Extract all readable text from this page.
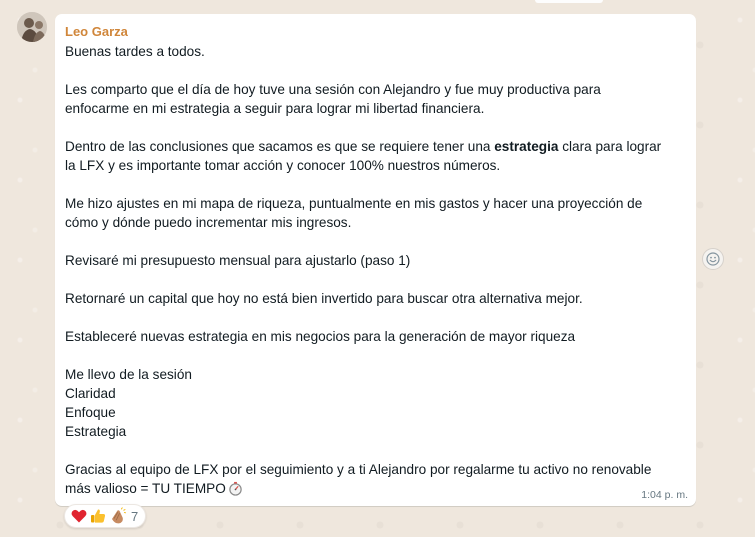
Leo Garza

Buenas tardes a todos.

Les comparto que el día de hoy tuve una sesión con Alejandro y fue muy productiva para
enfocarme en mi estrategia a seguir para lograr mi libertad financiera.

Dentro de las conclusiones que sacamos es que se requiere tener una estrategia clara para lograr
la LFX y es importante tomar acción y conocer 100% nuestros números.

Me hizo ajustes en mi mapa de riqueza, puntualmente en mis gastos y hacer una proyección de
cómo y dónde puedo incrementar mis ingresos.

Revisaré mi presupuesto mensual para ajustarlo (paso 1)

Retornaré un capital que hoy no está bien invertido para buscar otra alternativa mejor.

Estableceré nuevas estrategia en mis negocios para la generación de mayor riqueza

Me llevo de la sesión
Claridad
Enfoque
Estrategia

Gracias al equipo de LFX por el seguimiento y a ti Alejandro por regalarme tu activo no renovable
más valioso = TU TIEMPO	1:04 p. m.
7
